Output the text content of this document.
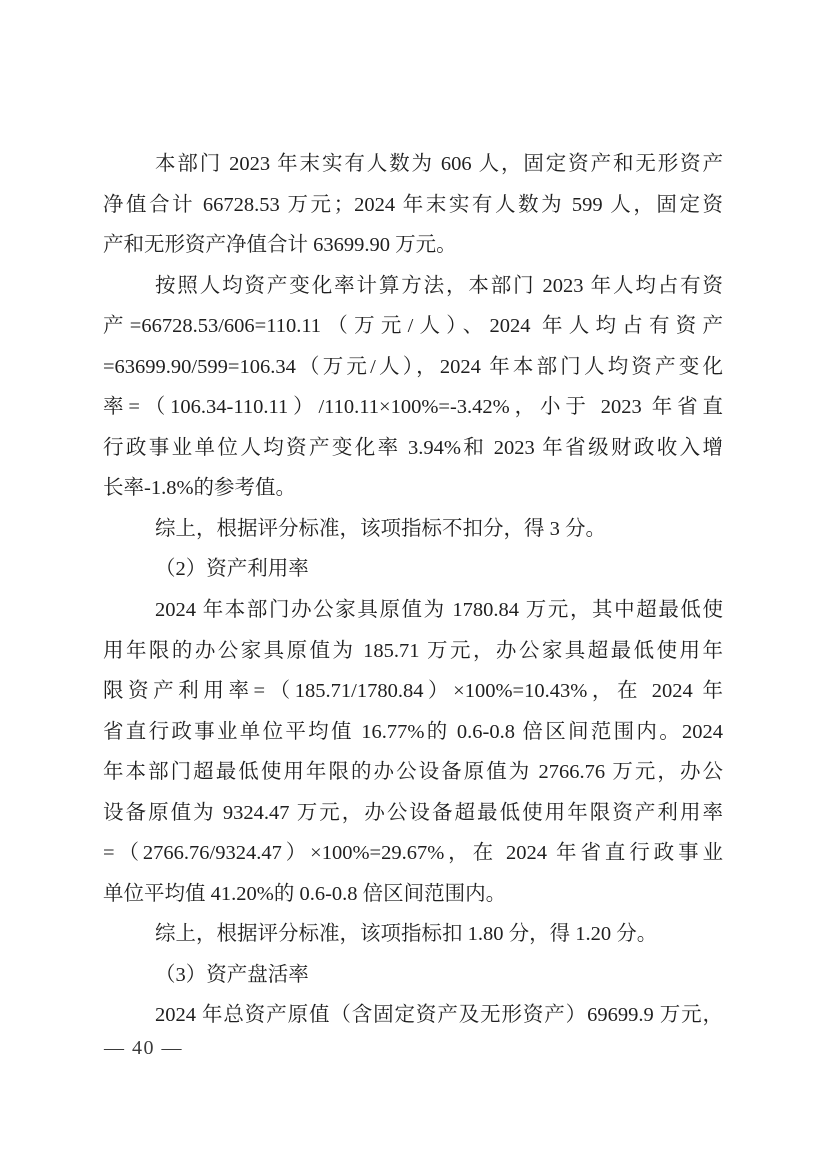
本部门 2023 年末实有人数为 606 人，固定资产和无形资产
净值合计 66728.53 万元；2024 年末实有人数为 599 人，固定资
产和无形资产净值合计 63699.90 万元。
按照人均资产变化率计算方法，本部门 2023 年人均占有资
产=66728.53/606=110.11（万元/人）、2024 年人均占有资产
=63699.90/599=106.34（万元/人），2024 年本部门人均资产变化
率=（106.34-110.11）/110.11×100%=-3.42%，小于 2023 年省直
行政事业单位人均资产变化率 3.94%和 2023 年省级财政收入增
长率-1.8%的参考值。
综上，根据评分标准，该项指标不扣分，得 3 分。
（2）资产利用率
2024 年本部门办公家具原值为 1780.84 万元，其中超最低使
用年限的办公家具原值为 185.71 万元，办公家具超最低使用年
限资产利用率=（185.71/1780.84）×100%=10.43%，在 2024 年
省直行政事业单位平均值 16.77%的 0.6-0.8 倍区间范围内。2024
年本部门超最低使用年限的办公设备原值为 2766.76 万元，办公
设备原值为 9324.47 万元，办公设备超最低使用年限资产利用率
=（2766.76/9324.47）×100%=29.67%，在 2024 年省直行政事业
单位平均值 41.20%的 0.6-0.8 倍区间范围内。
综上，根据评分标准，该项指标扣 1.80 分，得 1.20 分。
（3）资产盘活率
2024 年总资产原值（含固定资产及无形资产）69699.9 万元，
— 40 —
